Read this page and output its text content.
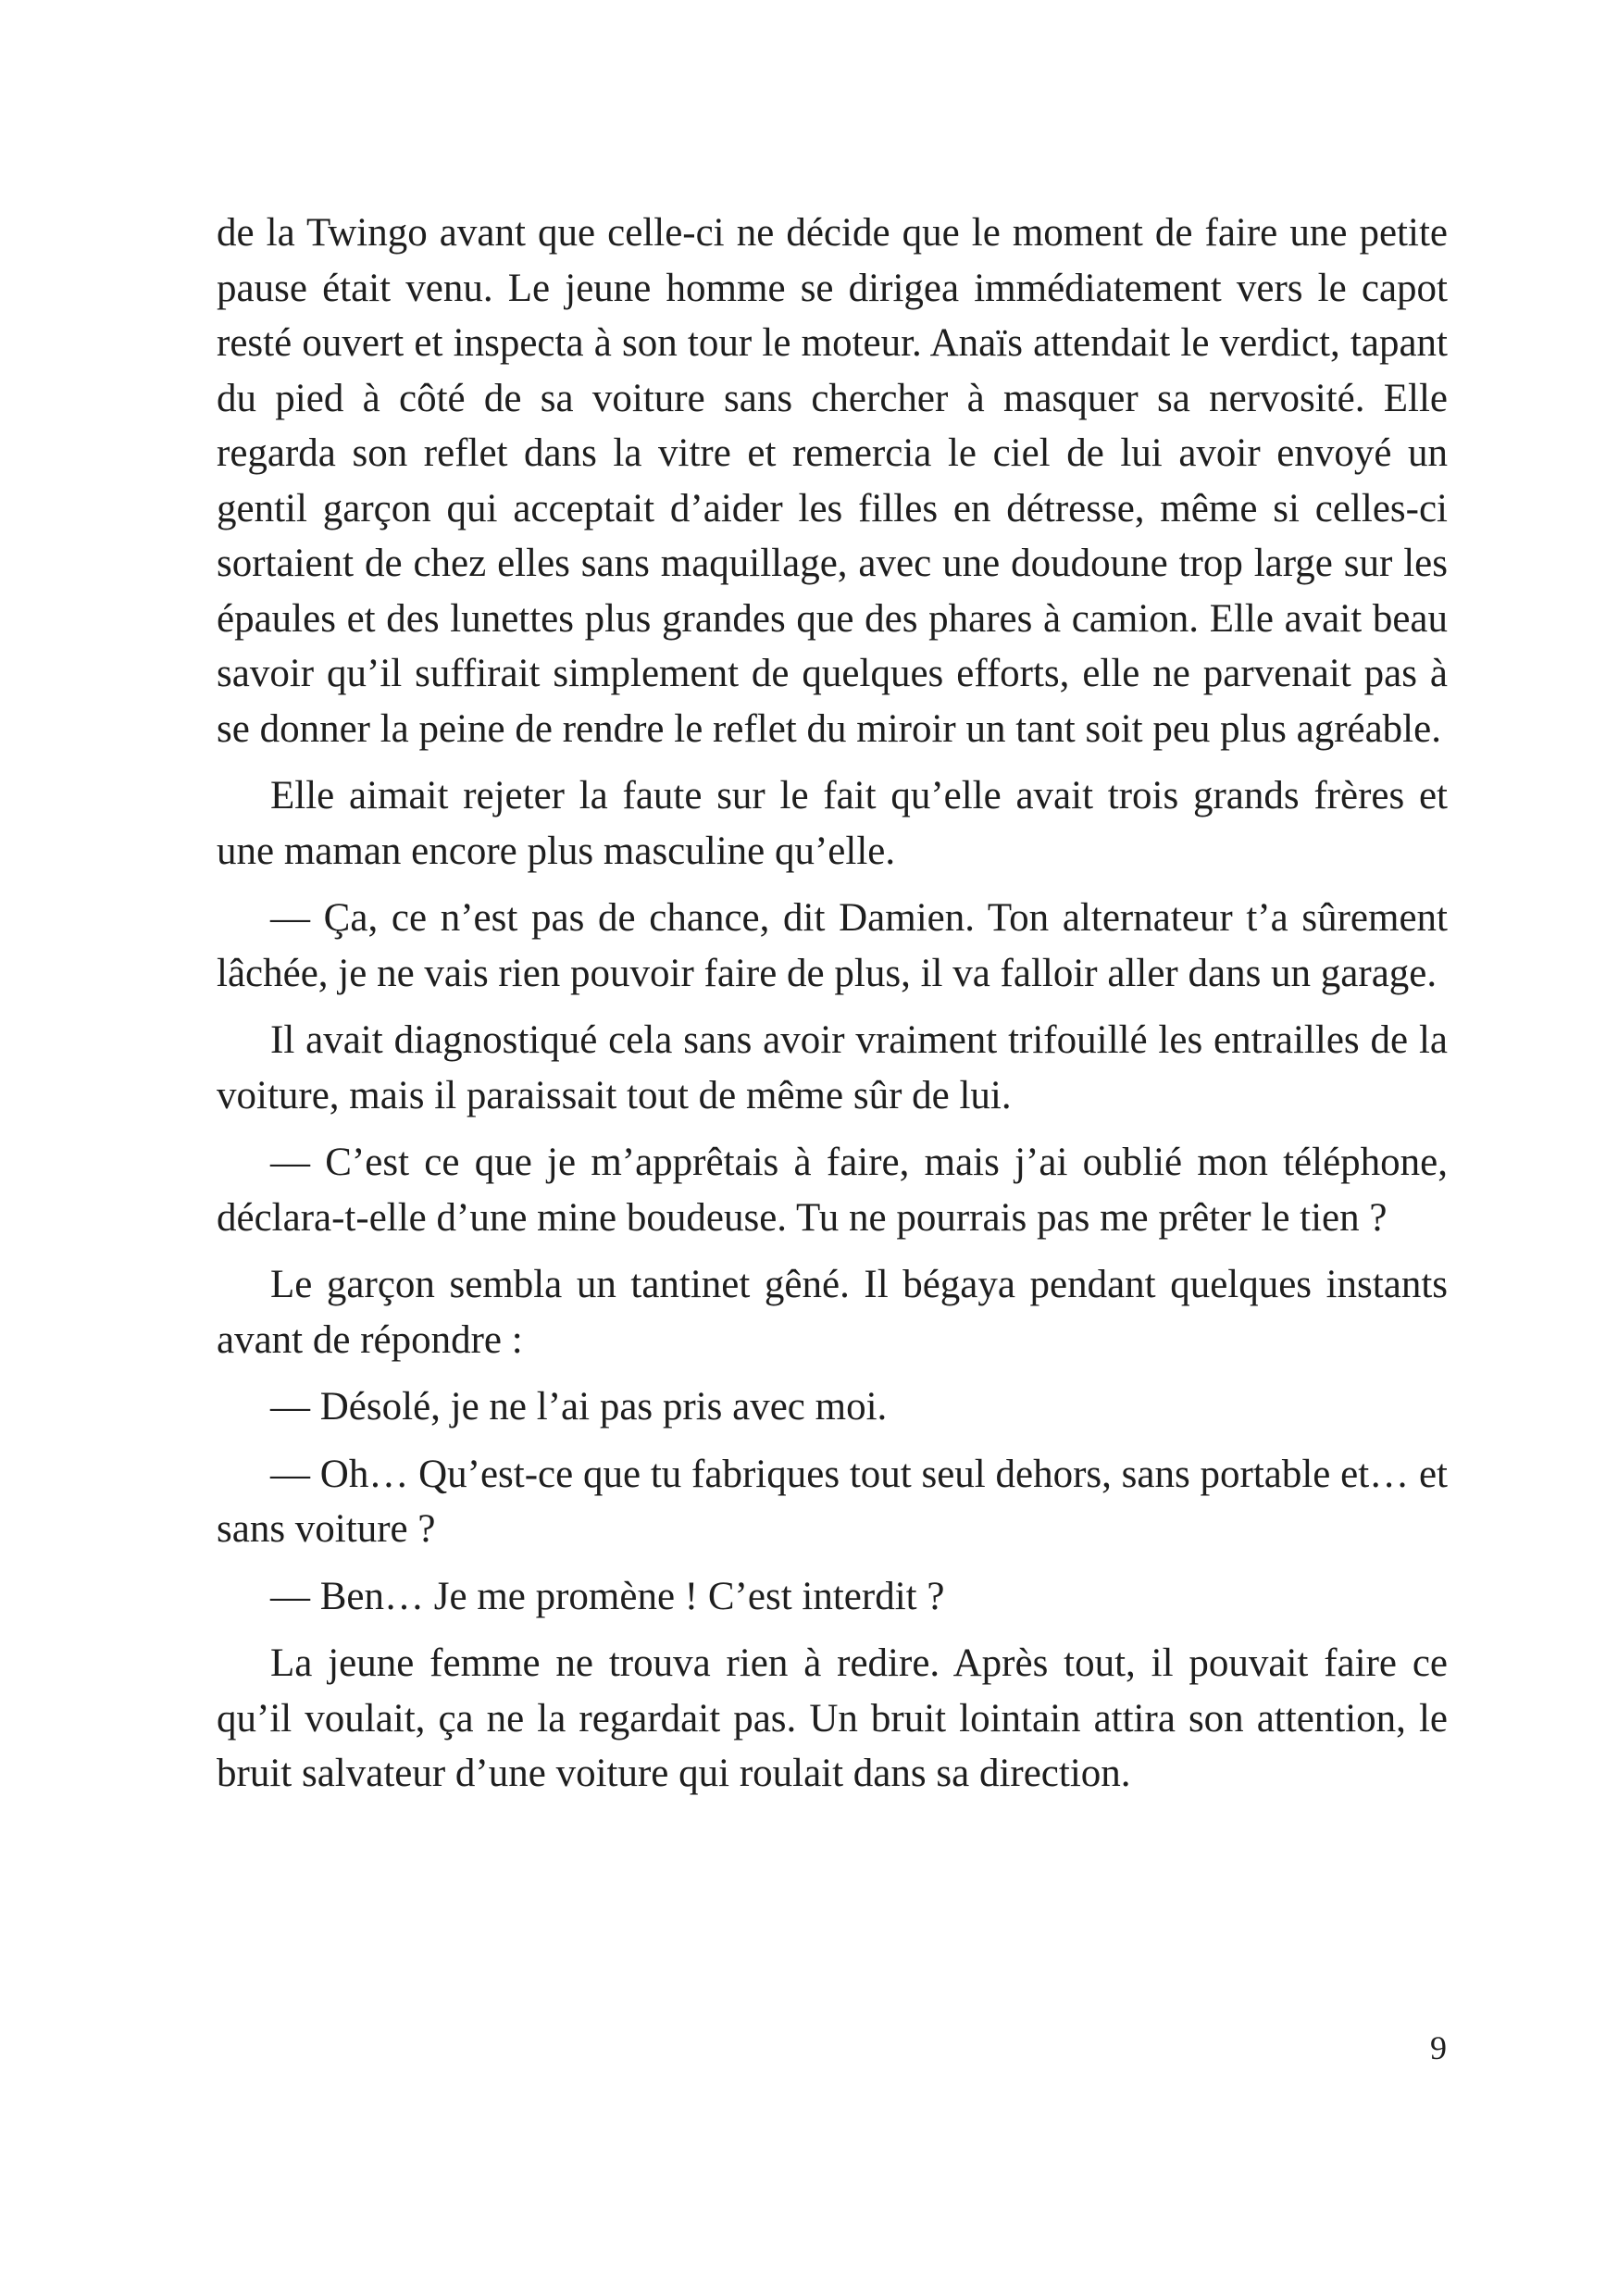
de la Twingo avant que celle-ci ne décide que le moment de faire une petite pause était venu. Le jeune homme se dirigea immédiatement vers le capot resté ouvert et inspecta à son tour le moteur. Anaïs attendait le verdict, tapant du pied à côté de sa voiture sans chercher à masquer sa nervosité. Elle regarda son reflet dans la vitre et remercia le ciel de lui avoir envoyé un gentil garçon qui acceptait d’aider les filles en détresse, même si celles-ci sortaient de chez elles sans maquillage, avec une doudoune trop large sur les épaules et des lunettes plus grandes que des phares à camion. Elle avait beau savoir qu’il suffirait simplement de quelques efforts, elle ne parvenait pas à se donner la peine de rendre le reflet du miroir un tant soit peu plus agréable.

Elle aimait rejeter la faute sur le fait qu’elle avait trois grands frères et une maman encore plus masculine qu’elle.

— Ça, ce n’est pas de chance, dit Damien. Ton alternateur t’a sûrement lâchée, je ne vais rien pouvoir faire de plus, il va falloir aller dans un garage.

Il avait diagnostiqué cela sans avoir vraiment trifouillé les entrailles de la voiture, mais il paraissait tout de même sûr de lui.

— C’est ce que je m’apprêtais à faire, mais j’ai oublié mon téléphone, déclara-t-elle d’une mine boudeuse. Tu ne pourrais pas me prêter le tien ?

Le garçon sembla un tantinet gêné. Il bégaya pendant quelques instants avant de répondre :

— Désolé, je ne l’ai pas pris avec moi.

— Oh… Qu’est-ce que tu fabriques tout seul dehors, sans portable et… et sans voiture ?

— Ben… Je me promène ! C’est interdit ?

La jeune femme ne trouva rien à redire. Après tout, il pouvait faire ce qu’il voulait, ça ne la regardait pas. Un bruit lointain attira son attention, le bruit salvateur d’une voiture qui roulait dans sa direction.

9
